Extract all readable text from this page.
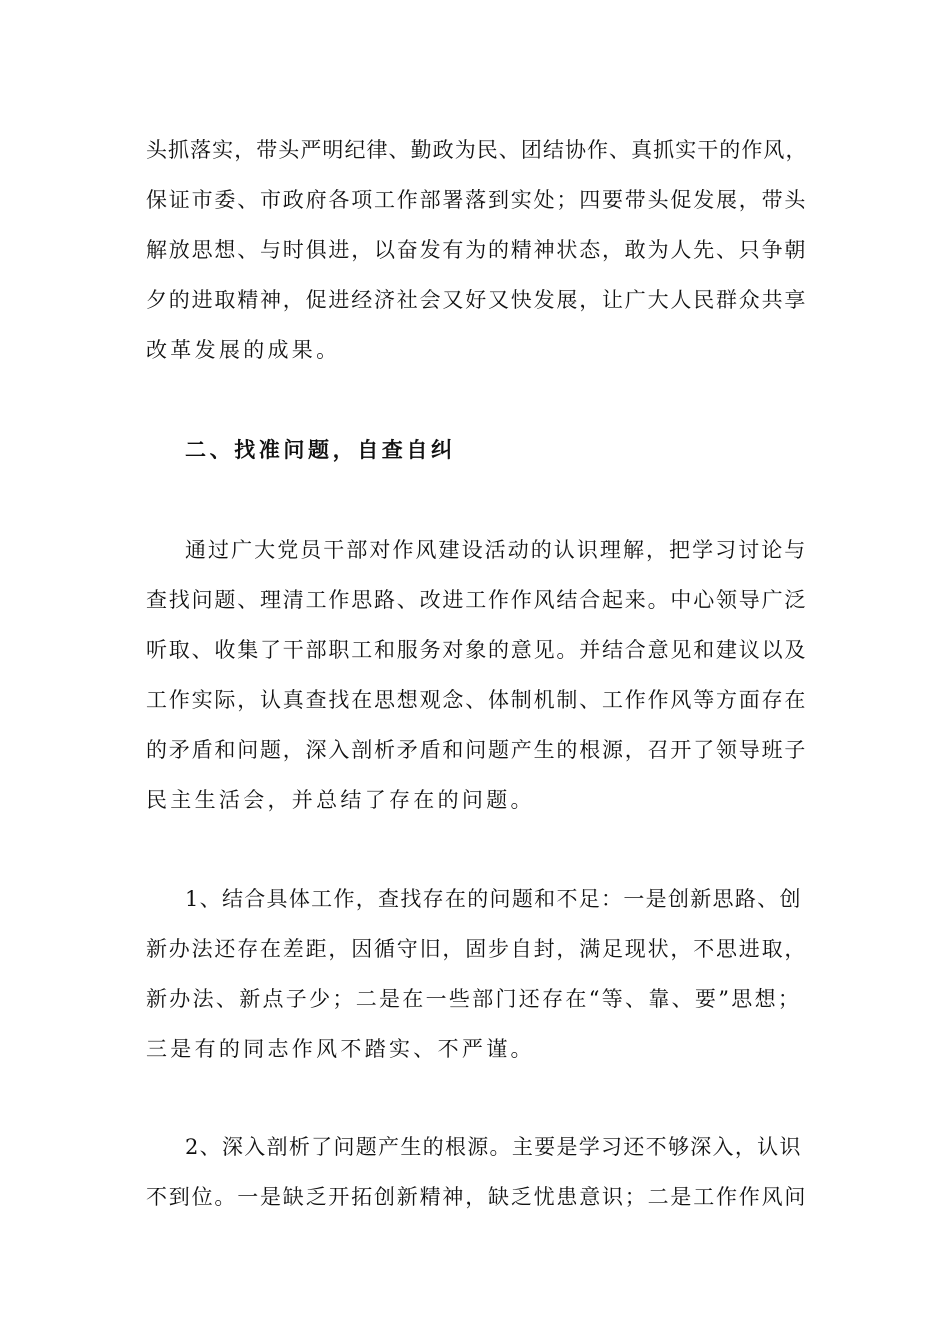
头抓落实，带头严明纪律、勤政为民、团结协作、真抓实干的作风，
保证市委、市政府各项工作部署落到实处；四要带头促发展，带头
解放思想、与时俱进，以奋发有为的精神状态，敢为人先、只争朝
夕的进取精神，促进经济社会又好又快发展，让广大人民群众共享
改革发展的成果。
二、找准问题，自查自纠
通过广大党员干部对作风建设活动的认识理解，把学习讨论与
查找问题、理清工作思路、改进工作作风结合起来。中心领导广泛
听取、收集了干部职工和服务对象的意见。并结合意见和建议以及
工作实际，认真查找在思想观念、体制机制、工作作风等方面存在
的矛盾和问题，深入剖析矛盾和问题产生的根源，召开了领导班子
民主生活会，并总结了存在的问题。
1、结合具体工作，查找存在的问题和不足：一是创新思路、创
新办法还存在差距，因循守旧，固步自封，满足现状，不思进取，
新办法、新点子少；二是在一些部门还存在“等、靠、要”思想；
三是有的同志作风不踏实、不严谨。
2、深入剖析了问题产生的根源。主要是学习还不够深入，认识
不到位。一是缺乏开拓创新精神，缺乏忧患意识；二是工作作风问
